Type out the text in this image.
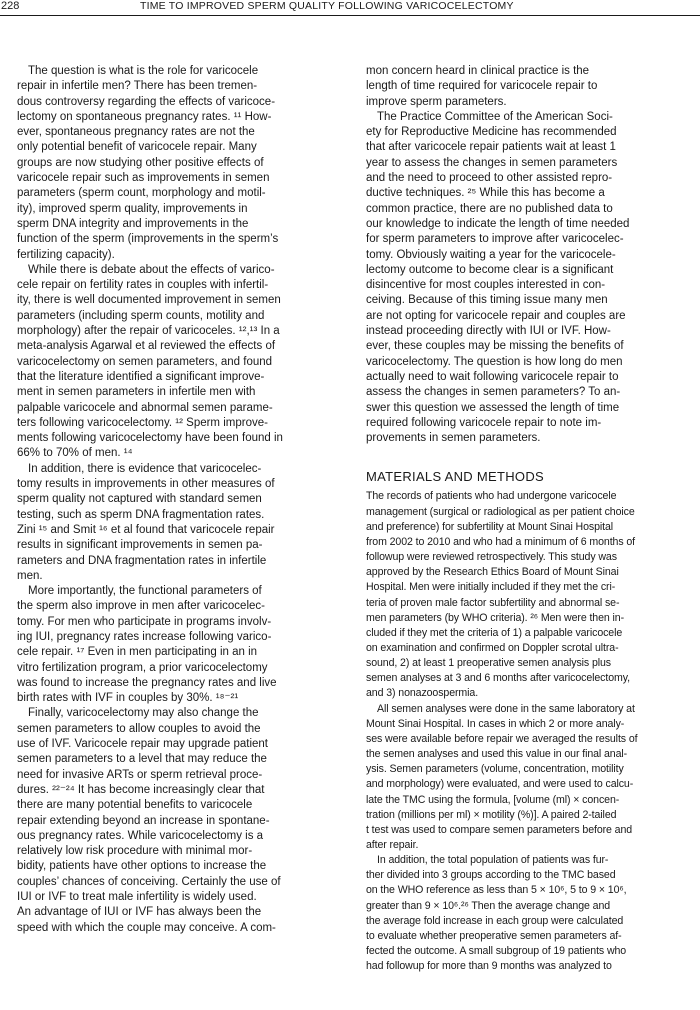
228	TIME TO IMPROVED SPERM QUALITY FOLLOWING VARICOCELECTOMY
The question is what is the role for varicocele
repair in infertile men? There has been tremen-
dous controversy regarding the effects of varicoce-
lectomy on spontaneous pregnancy rates. ¹¹ How-
ever, spontaneous pregnancy rates are not the
only potential benefit of varicocele repair. Many
groups are now studying other positive effects of
varicocele repair such as improvements in semen
parameters (sperm count, morphology and motil-
ity), improved sperm quality, improvements in
sperm DNA integrity and improvements in the
function of the sperm (improvements in the sperm’s
fertilizing capacity).
While there is debate about the effects of varico-
cele repair on fertility rates in couples with infertil-
ity, there is well documented improvement in semen
parameters (including sperm counts, motility and
morphology) after the repair of varicoceles. ¹²,¹³ In a
meta-analysis Agarwal et al reviewed the effects of
varicocelectomy on semen parameters, and found
that the literature identified a significant improve-
ment in semen parameters in infertile men with
palpable varicocele and abnormal semen parame-
ters following varicocelectomy. ¹² Sperm improve-
ments following varicocelectomy have been found in
66% to 70% of men. ¹⁴
In addition, there is evidence that varicocelec-
tomy results in improvements in other measures of
sperm quality not captured with standard semen
testing, such as sperm DNA fragmentation rates.
Zini ¹⁵ and Smit ¹⁶ et al found that varicocele repair
results in significant improvements in semen pa-
rameters and DNA fragmentation rates in infertile
men.
More importantly, the functional parameters of
the sperm also improve in men after varicocelec-
tomy. For men who participate in programs involv-
ing IUI, pregnancy rates increase following varico-
cele repair. ¹⁷ Even in men participating in an in
vitro fertilization program, a prior varicocelectomy
was found to increase the pregnancy rates and live
birth rates with IVF in couples by 30%. ¹⁸⁻²¹
Finally, varicocelectomy may also change the
semen parameters to allow couples to avoid the
use of IVF. Varicocele repair may upgrade patient
semen parameters to a level that may reduce the
need for invasive ARTs or sperm retrieval proce-
dures. ²²⁻²⁴ It has become increasingly clear that
there are many potential benefits to varicocele
repair extending beyond an increase in spontane-
ous pregnancy rates. While varicocelectomy is a
relatively low risk procedure with minimal mor-
bidity, patients have other options to increase the
couples’ chances of conceiving. Certainly the use of
IUI or IVF to treat male infertility is widely used.
An advantage of IUI or IVF has always been the
speed with which the couple may conceive. A com-
mon concern heard in clinical practice is the
length of time required for varicocele repair to
improve sperm parameters.
The Practice Committee of the American Soci-
ety for Reproductive Medicine has recommended
that after varicocele repair patients wait at least 1
year to assess the changes in semen parameters
and the need to proceed to other assisted repro-
ductive techniques. ²⁵ While this has become a
common practice, there are no published data to
our knowledge to indicate the length of time needed
for sperm parameters to improve after varicocelec-
tomy. Obviously waiting a year for the varicocele-
lectomy outcome to become clear is a significant
disincentive for most couples interested in con-
ceiving. Because of this timing issue many men
are not opting for varicocele repair and couples are
instead proceeding directly with IUI or IVF. How-
ever, these couples may be missing the benefits of
varicocelectomy. The question is how long do men
actually need to wait following varicocele repair to
assess the changes in semen parameters? To an-
swer this question we assessed the length of time
required following varicocele repair to note im-
provements in semen parameters.
MATERIALS AND METHODS
The records of patients who had undergone varicocele
management (surgical or radiological as per patient choice
and preference) for subfertility at Mount Sinai Hospital
from 2002 to 2010 and who had a minimum of 6 months of
followup were reviewed retrospectively. This study was
approved by the Research Ethics Board of Mount Sinai
Hospital. Men were initially included if they met the cri-
teria of proven male factor subfertility and abnormal se-
men parameters (by WHO criteria). ²⁶ Men were then in-
cluded if they met the criteria of 1) a palpable varicocele
on examination and confirmed on Doppler scrotal ultra-
sound, 2) at least 1 preoperative semen analysis plus
semen analyses at 3 and 6 months after varicocelectomy,
and 3) nonazoospermia.
All semen analyses were done in the same laboratory at
Mount Sinai Hospital. In cases in which 2 or more analy-
ses were available before repair we averaged the results of
the semen analyses and used this value in our final anal-
ysis. Semen parameters (volume, concentration, motility
and morphology) were evaluated, and were used to calcu-
late the TMC using the formula, [volume (ml) × concen-
tration (millions per ml) × motility (%)]. A paired 2-tailed
t test was used to compare semen parameters before and
after repair.
In addition, the total population of patients was fur-
ther divided into 3 groups according to the TMC based
on the WHO reference as less than 5 × 10⁶, 5 to 9 × 10⁶,
greater than 9 × 10⁶.²⁶ Then the average change and
the average fold increase in each group were calculated
to evaluate whether preoperative semen parameters af-
fected the outcome. A small subgroup of 19 patients who
had followup for more than 9 months was analyzed to
